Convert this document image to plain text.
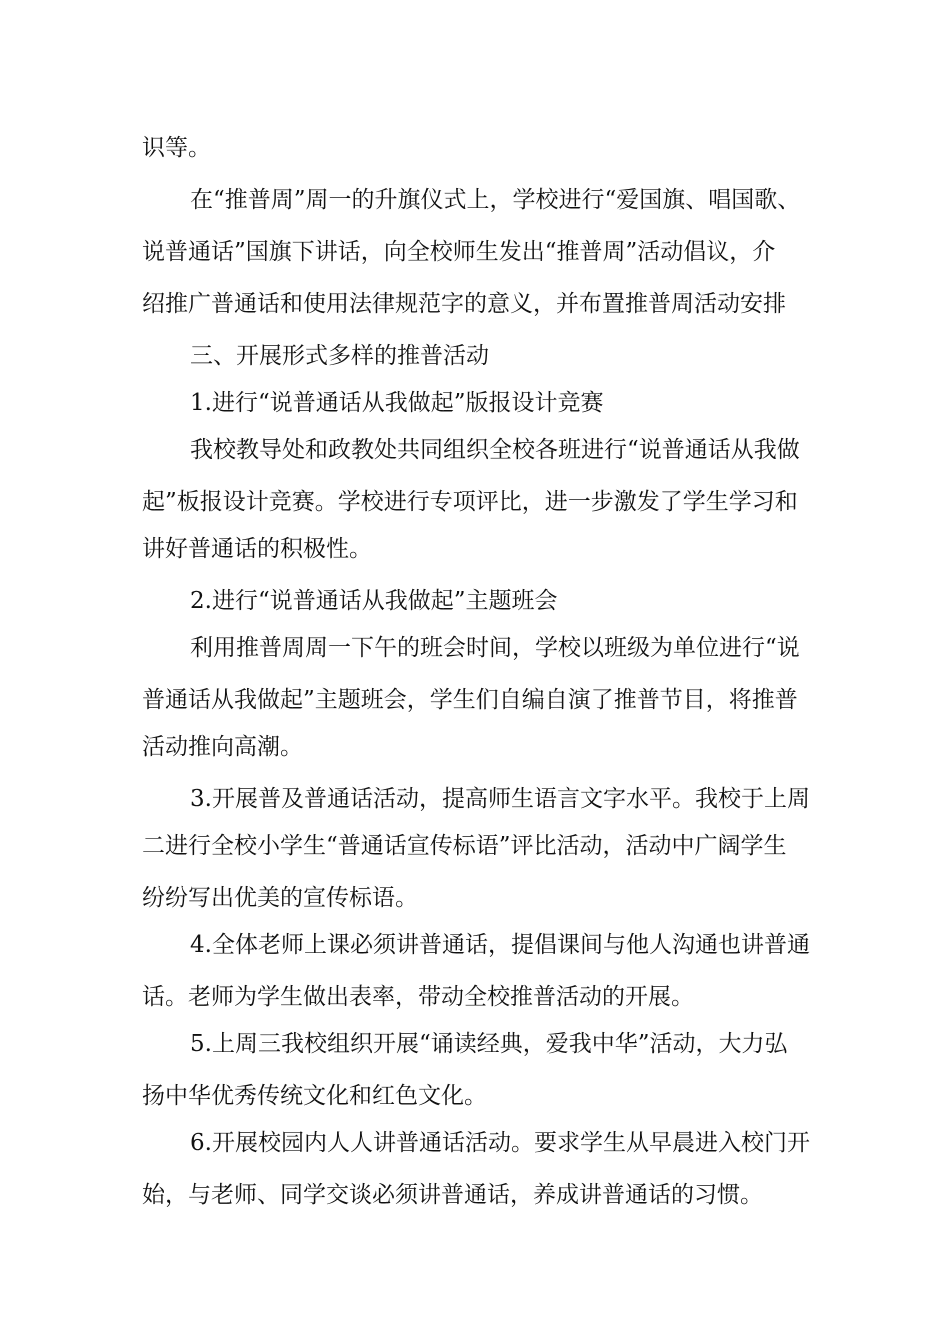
识等。

在“推普周”周一的升旗仪式上，学校进行“爱国旗、唱国歌、

说普通话”国旗下讲话，向全校师生发出“推普周”活动倡议，介

绍推广普通话和使用法律规范字的意义，并布置推普周活动安排

三、开展形式多样的推普活动

1.进行“说普通话从我做起”版报设计竞赛

我校教导处和政教处共同组织全校各班进行“说普通话从我做

起”板报设计竞赛。学校进行专项评比，进一步激发了学生学习和

讲好普通话的积极性。

2.进行“说普通话从我做起”主题班会

利用推普周周一下午的班会时间，学校以班级为单位进行“说

普通话从我做起”主题班会，学生们自编自演了推普节目，将推普

活动推向高潮。

3.开展普及普通话活动，提高师生语言文字水平。我校于上周

二进行全校小学生“普通话宣传标语”评比活动，活动中广阔学生

纷纷写出优美的宣传标语。

4.全体老师上课必须讲普通话，提倡课间与他人沟通也讲普通

话。老师为学生做出表率，带动全校推普活动的开展。

5.上周三我校组织开展“诵读经典，爱我中华”活动，大力弘

扬中华优秀传统文化和红色文化。

6.开展校园内人人讲普通话活动。要求学生从早晨进入校门开

始，与老师、同学交谈必须讲普通话，养成讲普通话的习惯。
